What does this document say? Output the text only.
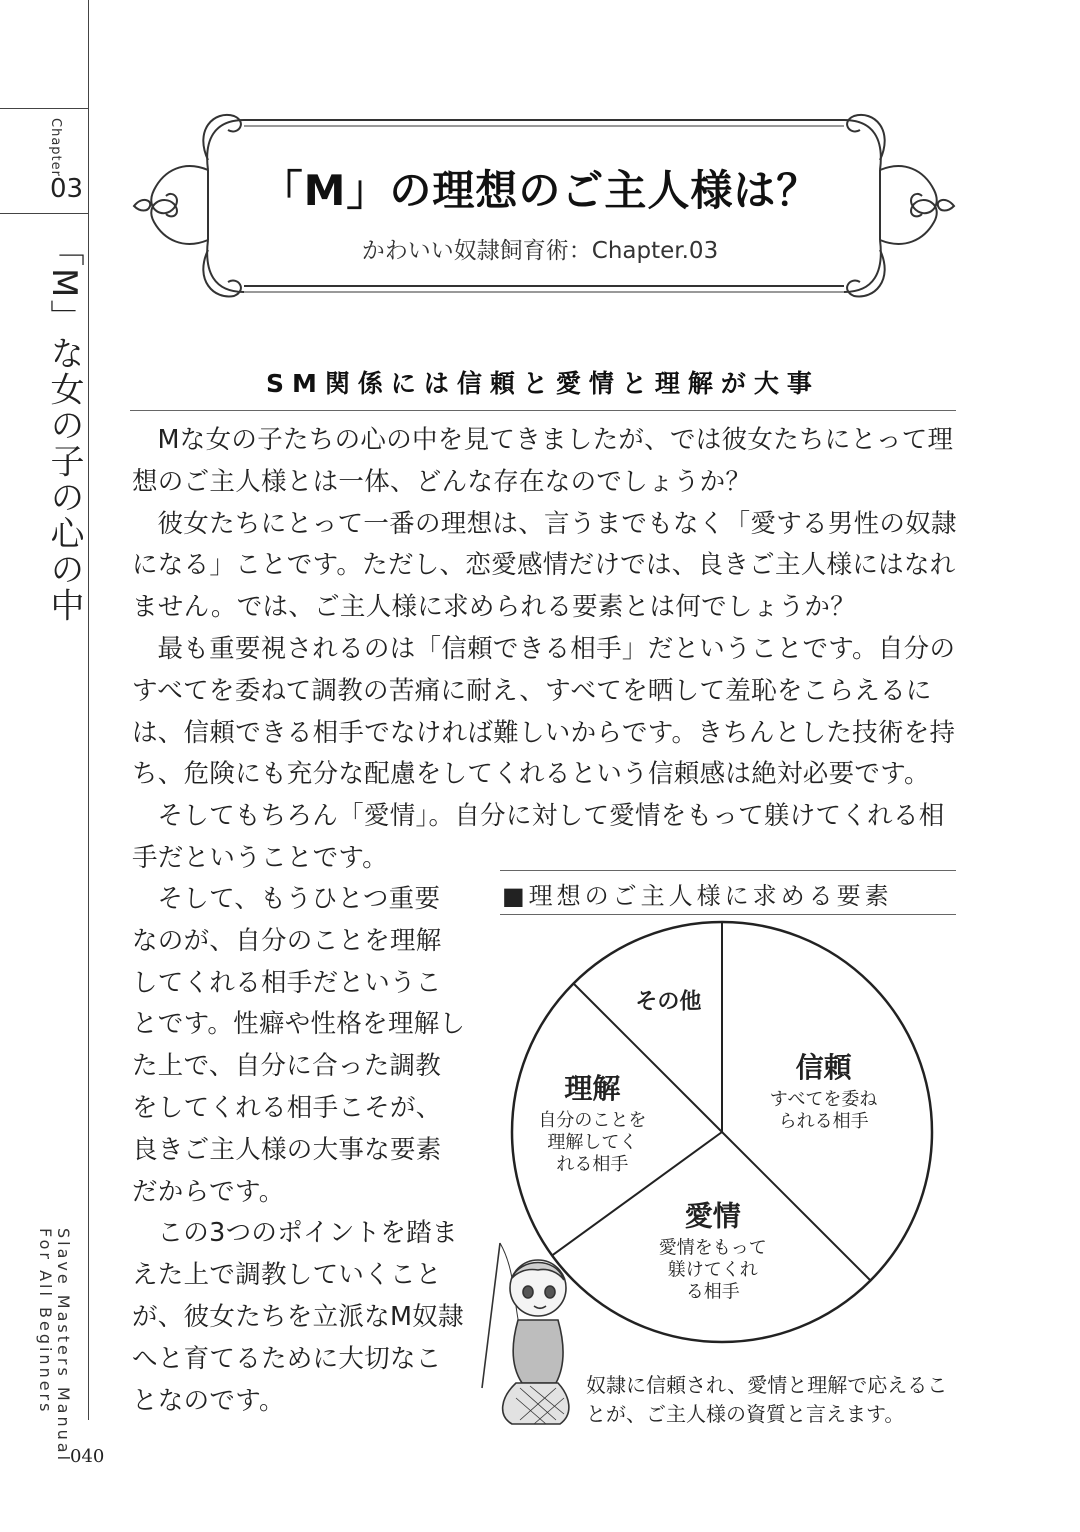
Chapter
03
「M」な女の子の心の中
Slave Masters Manual
For All Beginners
040
「M」の理想のご主人様は？
かわいい奴隷飼育術：Chapter.03
SM関係には信頼と愛情と理解が大事

Mな女の子たちの心の中を見てきましたが、では彼女たちにとって理想のご主人様とは一体、どんな存在なのでしょうか？

彼女たちにとって一番の理想は、言うまでもなく「愛する男性の奴隷になる」ことです。ただし、恋愛感情だけでは、良きご主人様にはなれません。では、ご主人様に求められる要素とは何でしょうか？

最も重要視されるのは「信頼できる相手」だということです。自分のすべてを委ねて調教の苦痛に耐え、すべてを晒して羞恥をこらえるには、信頼できる相手でなければ難しいからです。きちんとした技術を持ち、危険にも充分な配慮をしてくれるという信頼感は絶対必要です。

そしてもちろん「愛情」。自分に対して愛情をもって躾けてくれる相手だということです。

そして、もうひとつ重要なのが、自分のことを理解してくれる相手だということです。性癖や性格を理解した上で、自分に合った調教をしてくれる相手こそが、良きご主人様の大事な要素だからです。

この3つのポイントを踏まえた上で調教していくことが、彼女たちを立派なM奴隷へと育てるために大切なことなのです。

■理想のご主人様に求める要素
信頼
すべてを委ね
られる相手
愛情
愛情をもって
躾けてくれ
る相手
理解
自分のことを
理解してく
れる相手
その他
奴隷に信頼され、愛情と理解で応えることが、ご主人様の資質と言えます。
